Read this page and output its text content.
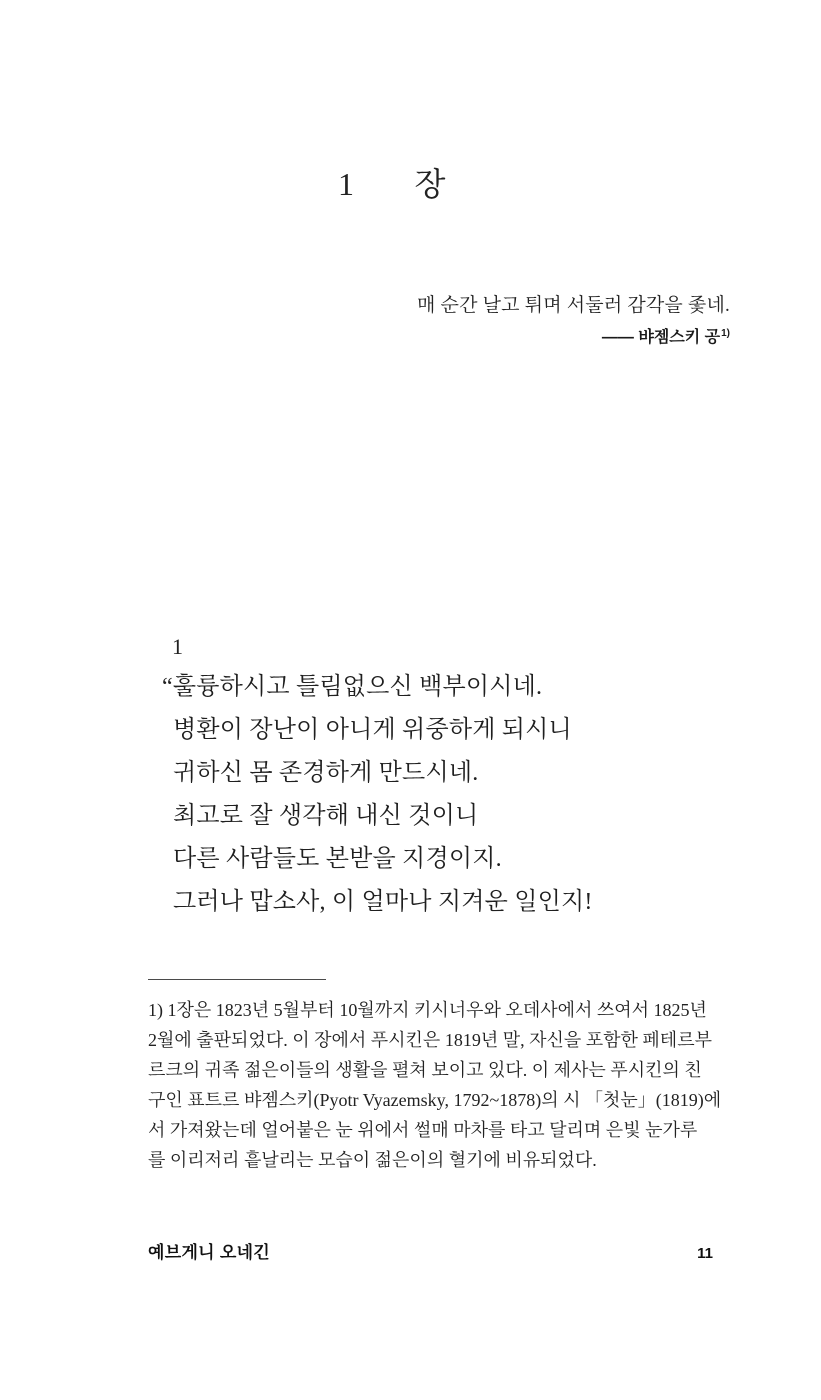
1 장
매 순간 날고 튀며 서둘러 감각을 좇네.
—— 뱌젬스키 공$^{1)}$
1
“훌륭하시고 틀림없으신 백부이시네.
병환이 장난이 아니게 위중하게 되시니
귀하신 몸 존경하게 만드시네.
최고로 잘 생각해 내신 것이니
다른 사람들도 본받을 지경이지.
그러나 맙소사, 이 얼마나 지겨운 일인지!
1) 1장은 1823년 5월부터 10월까지 키시너우와 오데사에서 쓰여서 1825년
2월에 출판되었다. 이 장에서 푸시킨은 1819년 말, 자신을 포함한 페테르부
르크의 귀족 젊은이들의 생활을 펼쳐 보이고 있다. 이 제사는 푸시킨의 친
구인 표트르 뱌젬스키(Pyotr Vyazemsky, 1792~1878)의 시 「첫눈」(1819)에
서 가져왔는데 얼어붙은 눈 위에서 썰매 마차를 타고 달리며 은빛 눈가루
를 이리저리 흩날리는 모습이 젊은이의 혈기에 비유되었다.
예브게니 오네긴	11
